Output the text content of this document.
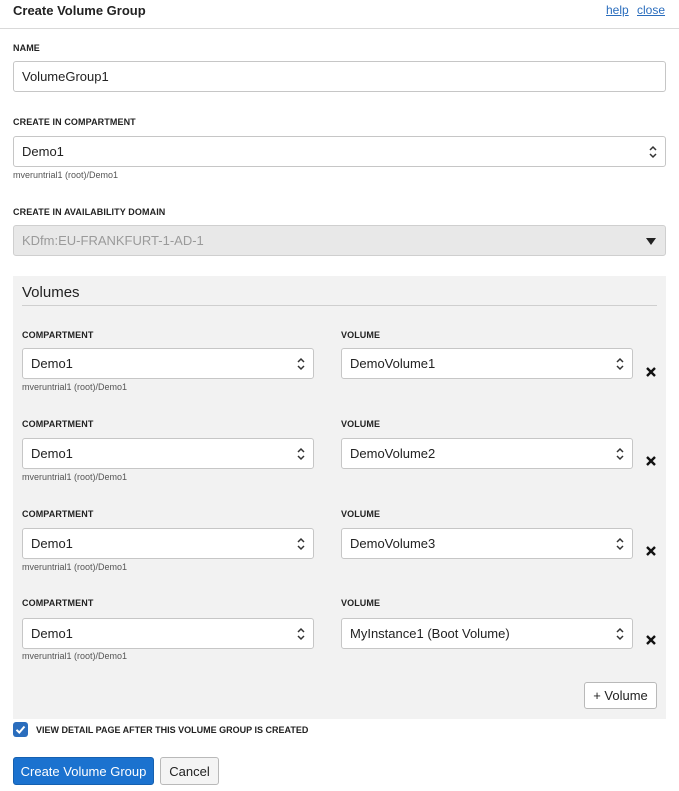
Create Volume Group	help close
NAME
VolumeGroup1
CREATE IN COMPARTMENT
Demo1
mveruntrial1 (root)/Demo1
CREATE IN AVAILABILITY DOMAIN
KDfm:EU-FRANKFURT-1-AD-1
Volumes
COMPARTMENT
Demo1
mveruntrial1 (root)/Demo1
VOLUME
DemoVolume1
COMPARTMENT
Demo1
mveruntrial1 (root)/Demo1
VOLUME
DemoVolume2
COMPARTMENT
Demo1
mveruntrial1 (root)/Demo1
VOLUME
DemoVolume3
COMPARTMENT
Demo1
mveruntrial1 (root)/Demo1
VOLUME
MyInstance1 (Boot Volume)
+ Volume
VIEW DETAIL PAGE AFTER THIS VOLUME GROUP IS CREATED
Create Volume Group	Cancel
